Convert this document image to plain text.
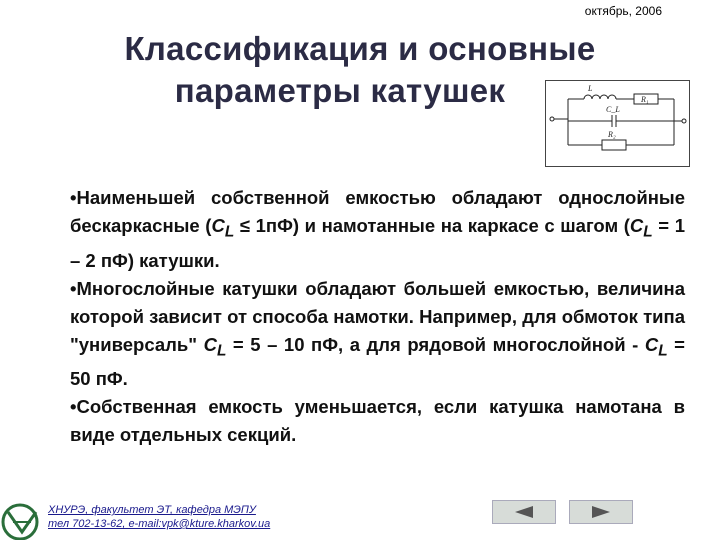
октябрь, 2006
Классификация и основные
параметры катушек	L
R₁
C_L
R₂

•Наименьшей собственной емкостью обладают однослойные бескаркасные $(C_L \le 1пФ)$ и намотанные на каркасе с шагом ($C_L = 1 - 2$ пФ) катушки.

•Многослойные катушки обладают большей емкостью, величина которой зависит от способа намотки. Например, для обмоток типа "универсаль" $C_L = 5 - 10$ пФ, а для рядовой многослойной - $C_L = 50$ пФ.

•Собственная емкость уменьшается, если катушка намотана в виде отдельных секций.

ХНУРЭ, факультет ЭТ, кафедра МЭПУ
тел 702-13-62, e-mail:vpk@kture.kharkov.ua
